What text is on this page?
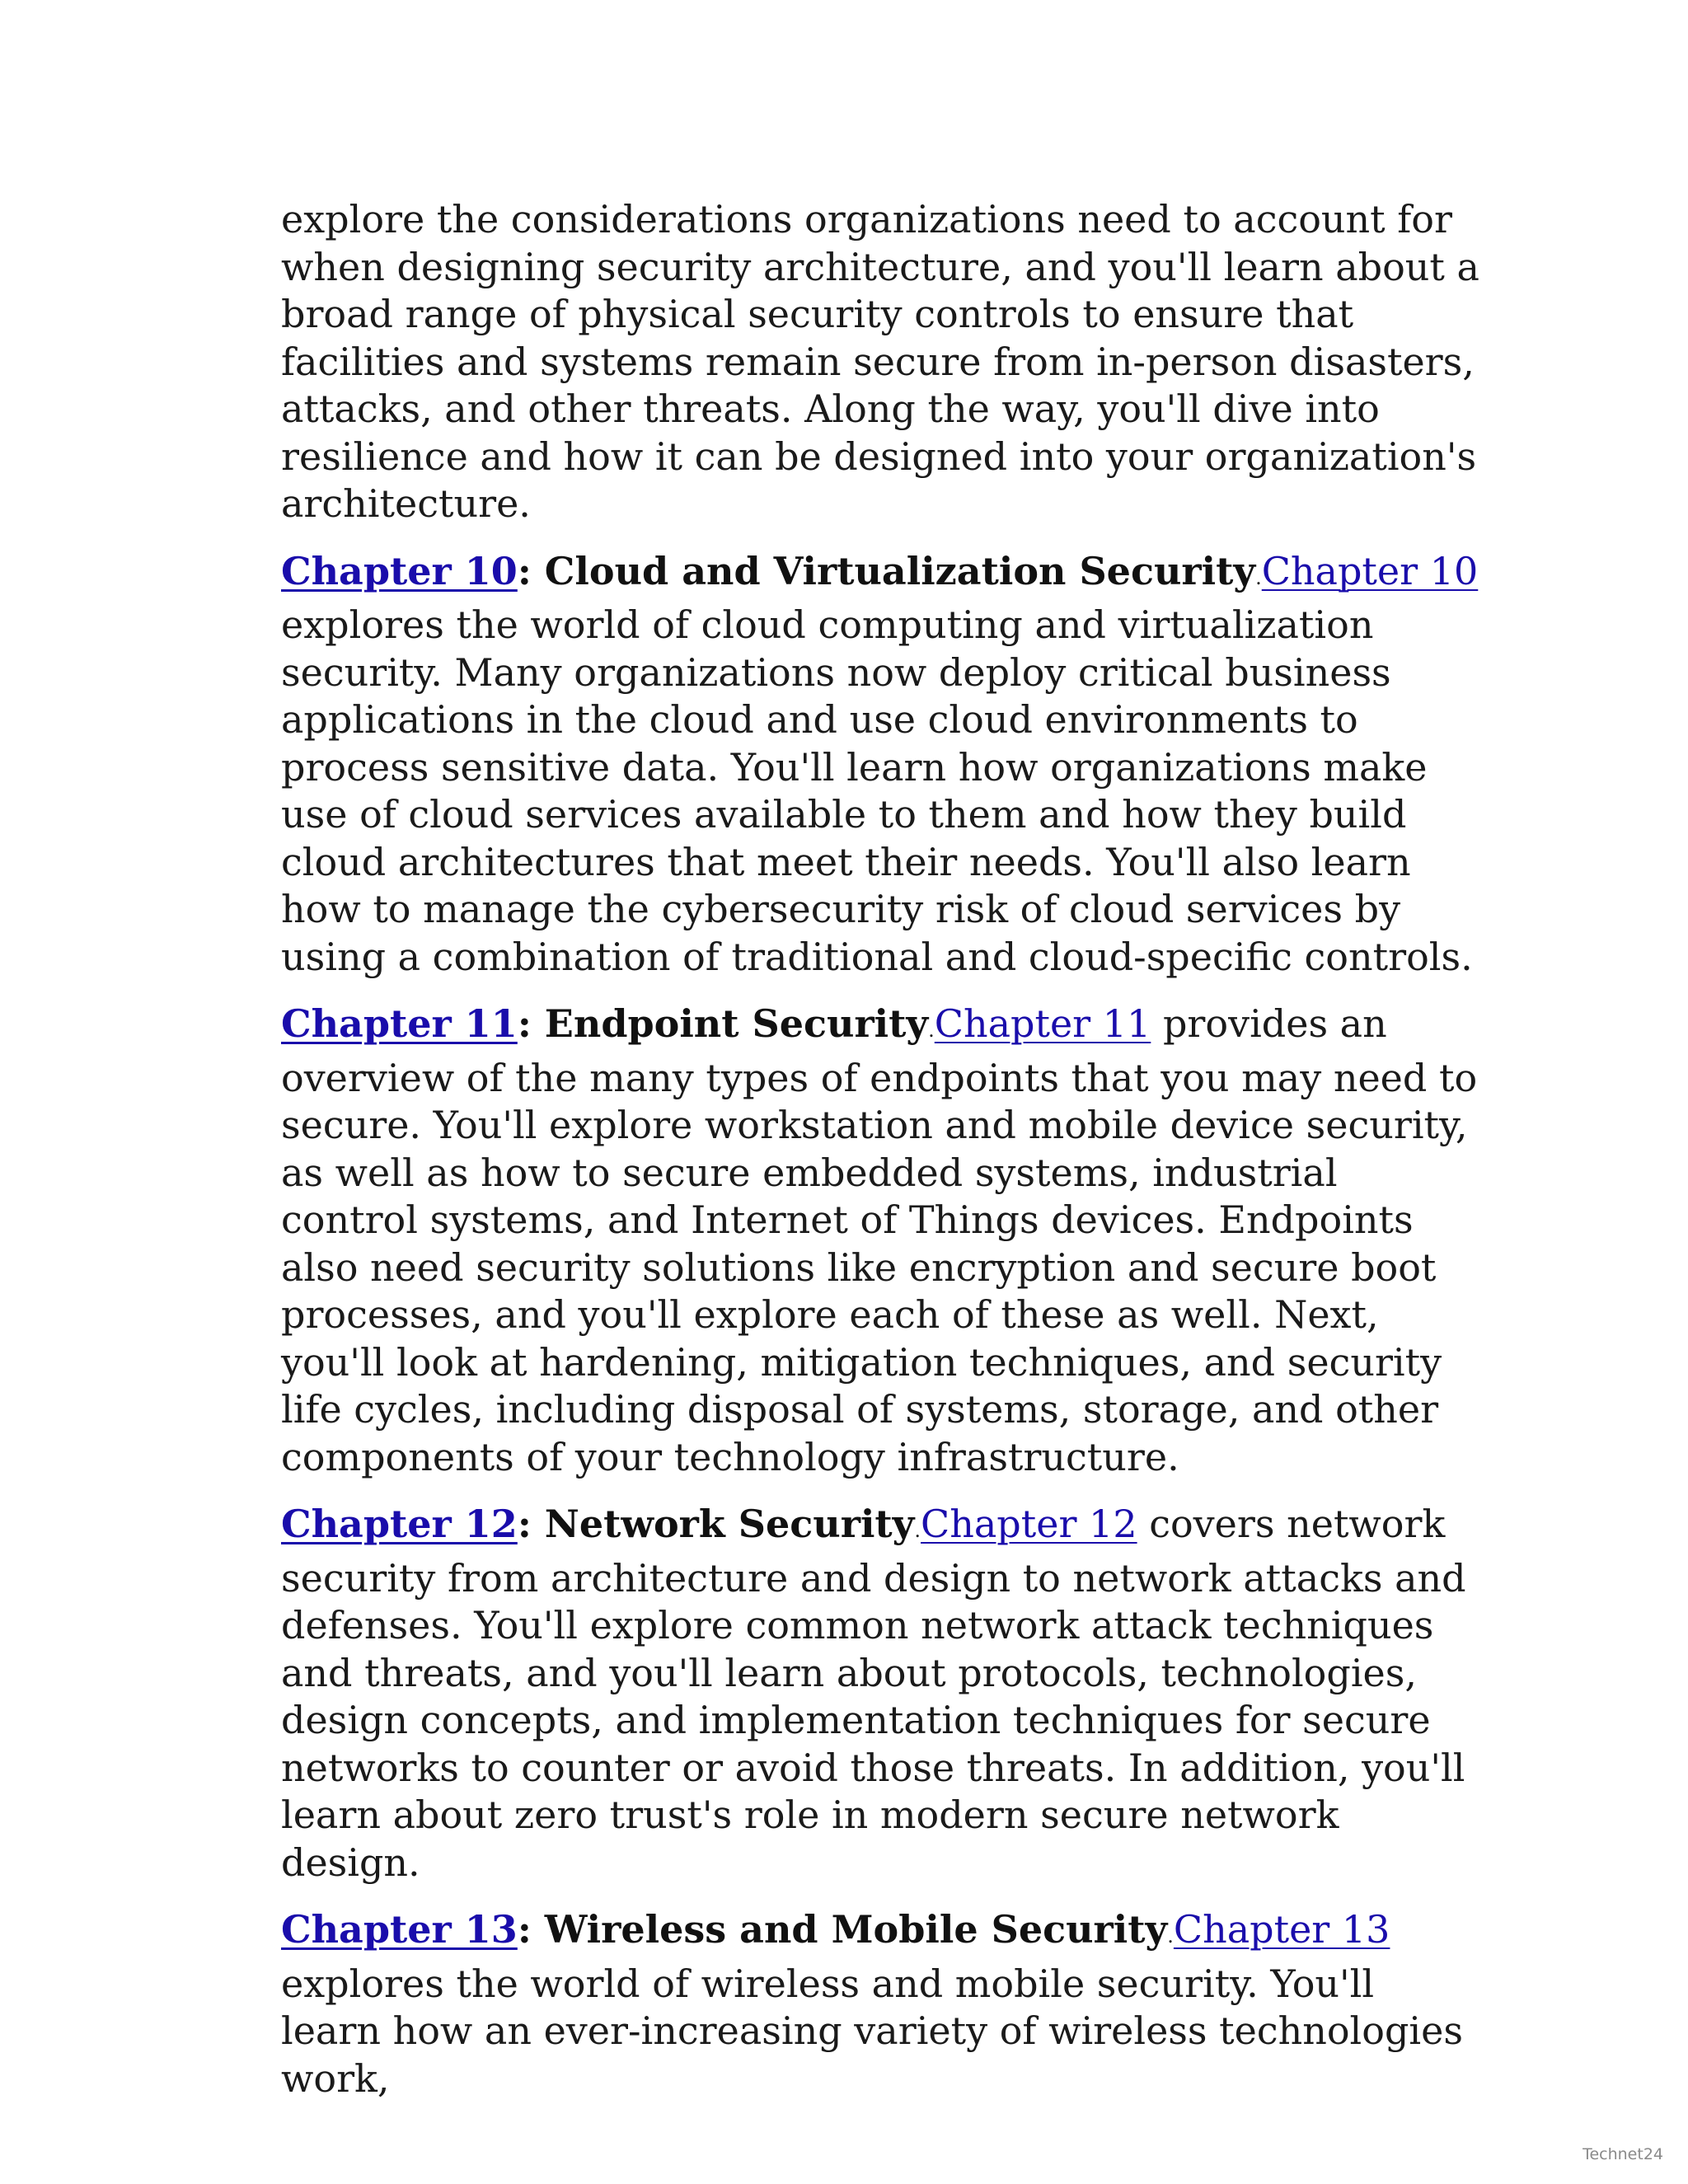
explore the considerations organizations need to account for when designing security architecture, and you'll learn about a broad range of physical security controls to ensure that facilities and systems remain secure from in-person disasters, attacks, and other threats. Along the way, you'll dive into resilience and how it can be designed into your organization's architecture.

Chapter 10: Cloud and Virtualization Security.Chapter 10 explores the world of cloud computing and virtualization security. Many organizations now deploy critical business applications in the cloud and use cloud environments to process sensitive data. You'll learn how organizations make use of cloud services available to them and how they build cloud architectures that meet their needs. You'll also learn how to manage the cybersecurity risk of cloud services by using a combination of traditional and cloud-specific controls.

Chapter 11: Endpoint Security.Chapter 11 provides an overview of the many types of endpoints that you may need to secure. You'll explore workstation and mobile device security, as well as how to secure embedded systems, industrial control systems, and Internet of Things devices. Endpoints also need security solutions like encryption and secure boot processes, and you'll explore each of these as well. Next, you'll look at hardening, mitigation techniques, and security life cycles, including disposal of systems, storage, and other components of your technology infrastructure.

Chapter 12: Network Security.Chapter 12 covers network security from architecture and design to network attacks and defenses. You'll explore common network attack techniques and threats, and you'll learn about protocols, technologies, design concepts, and implementation techniques for secure networks to counter or avoid those threats. In addition, you'll learn about zero trust's role in modern secure network design.

Chapter 13: Wireless and Mobile Security.Chapter 13 explores the world of wireless and mobile security. You'll learn how an ever-increasing variety of wireless technologies work,

Technet24
